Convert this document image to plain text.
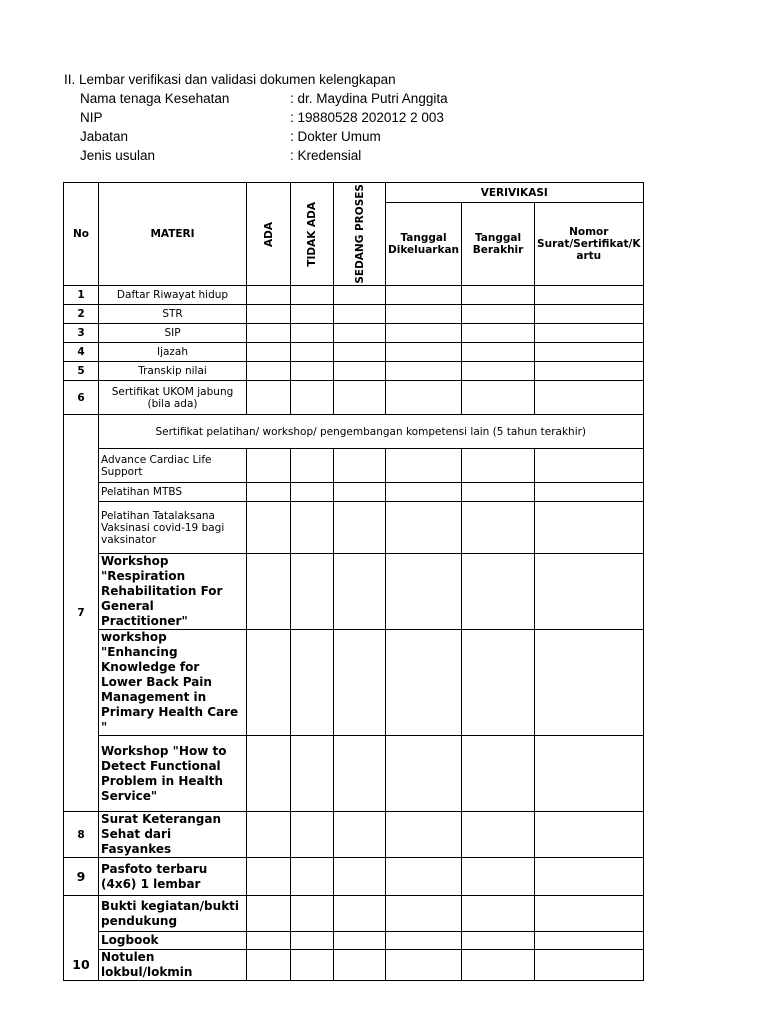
II. Lembar verifikasi dan validasi dokumen kelengkapan
Nama tenaga Kesehatan	: dr. Maydina Putri Anggita
NIP	: 19880528 202012 2 003
Jabatan	: Dokter Umum
Jenis usulan	: Kredensial
No	MATERI	ADA	TIDAK ADA	SEDANG PROSES	VERIVIKASI		
					Tanggal Dikeluarkan	Tanggal Berakhir	Nomor Surat/Sertifikat/K artu
1	Daftar Riwayat hidup						
2	STR						
3	SIP						
4	Ijazah						
5	Transkip nilai						
6	Sertifikat UKOM jabung (bila ada)						
7	Sertifikat pelatihan/ workshop/ pengembangan kompetensi lain (5 tahun terakhir)						
	Advance Cardiac Life Support						
	Pelatihan MTBS						
	Pelatihan Tatalaksana Vaksinasi covid-19 bagi vaksinator						
	Workshop "Respiration Rehabilitation For General Practitioner"						
	workshop "Enhancing Knowledge for Lower Back Pain Management in Primary Health Care "						
	Workshop "How to Detect Functional Problem in Health Service"						
8	Surat Keterangan Sehat dari Fasyankes						
9	Pasfoto terbaru (4x6) 1 lembar						
10	Bukti kegiatan/bukti pendukung						
	Logbook						
	Notulen lokbul/lokmin						
